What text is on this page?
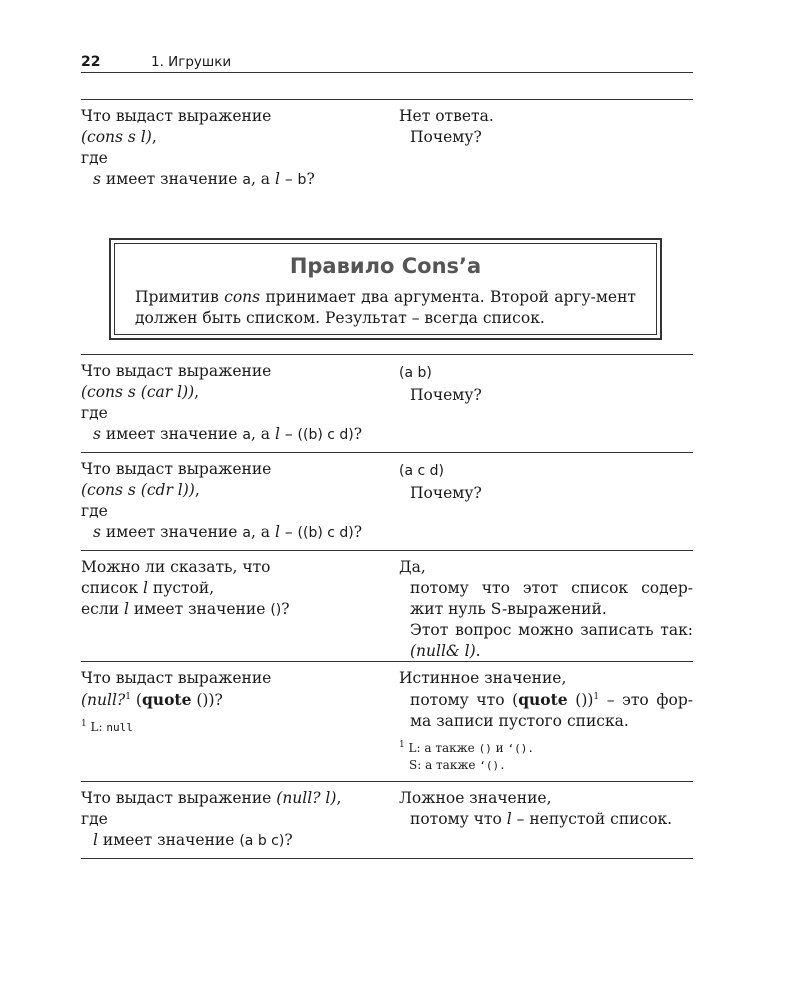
22	1. Игрушки
Что выдаст выражение
(cons s l),
где
s имеет значение a, а l – b?
Нет ответа.
Почему?
Правило Cons’a
Примитив cons принимает два аргумента. Второй аргу-мент должен быть списком. Результат – всегда список.
Что выдаст выражение
(cons s (car l)),
где
s имеет значение a, а l – ((b) c d)?
(a b)
Почему?
Что выдаст выражение
(cons s (cdr l)),
где
s имеет значение a, а l – ((b) c d)?
(a c d)
Почему?
Можно ли сказать, что
список l пустой,
если l имеет значение ()?
Да,
потому что этот список содер-жит нуль S-выражений.
Этот вопрос можно записать так: (null& l).
Что выдаст выражение
(null?$^1$ (quote ())?
$^1$ L: null
Истинное значение,
потому что (quote ())$^1$ – это фор-ма записи пустого списка.
$^1$ L: а также () и ‘().
S: а также ‘().
Что выдаст выражение (null? l),
где
l имеет значение (a b c)?
Ложное значение,
потому что l – непустой список.
